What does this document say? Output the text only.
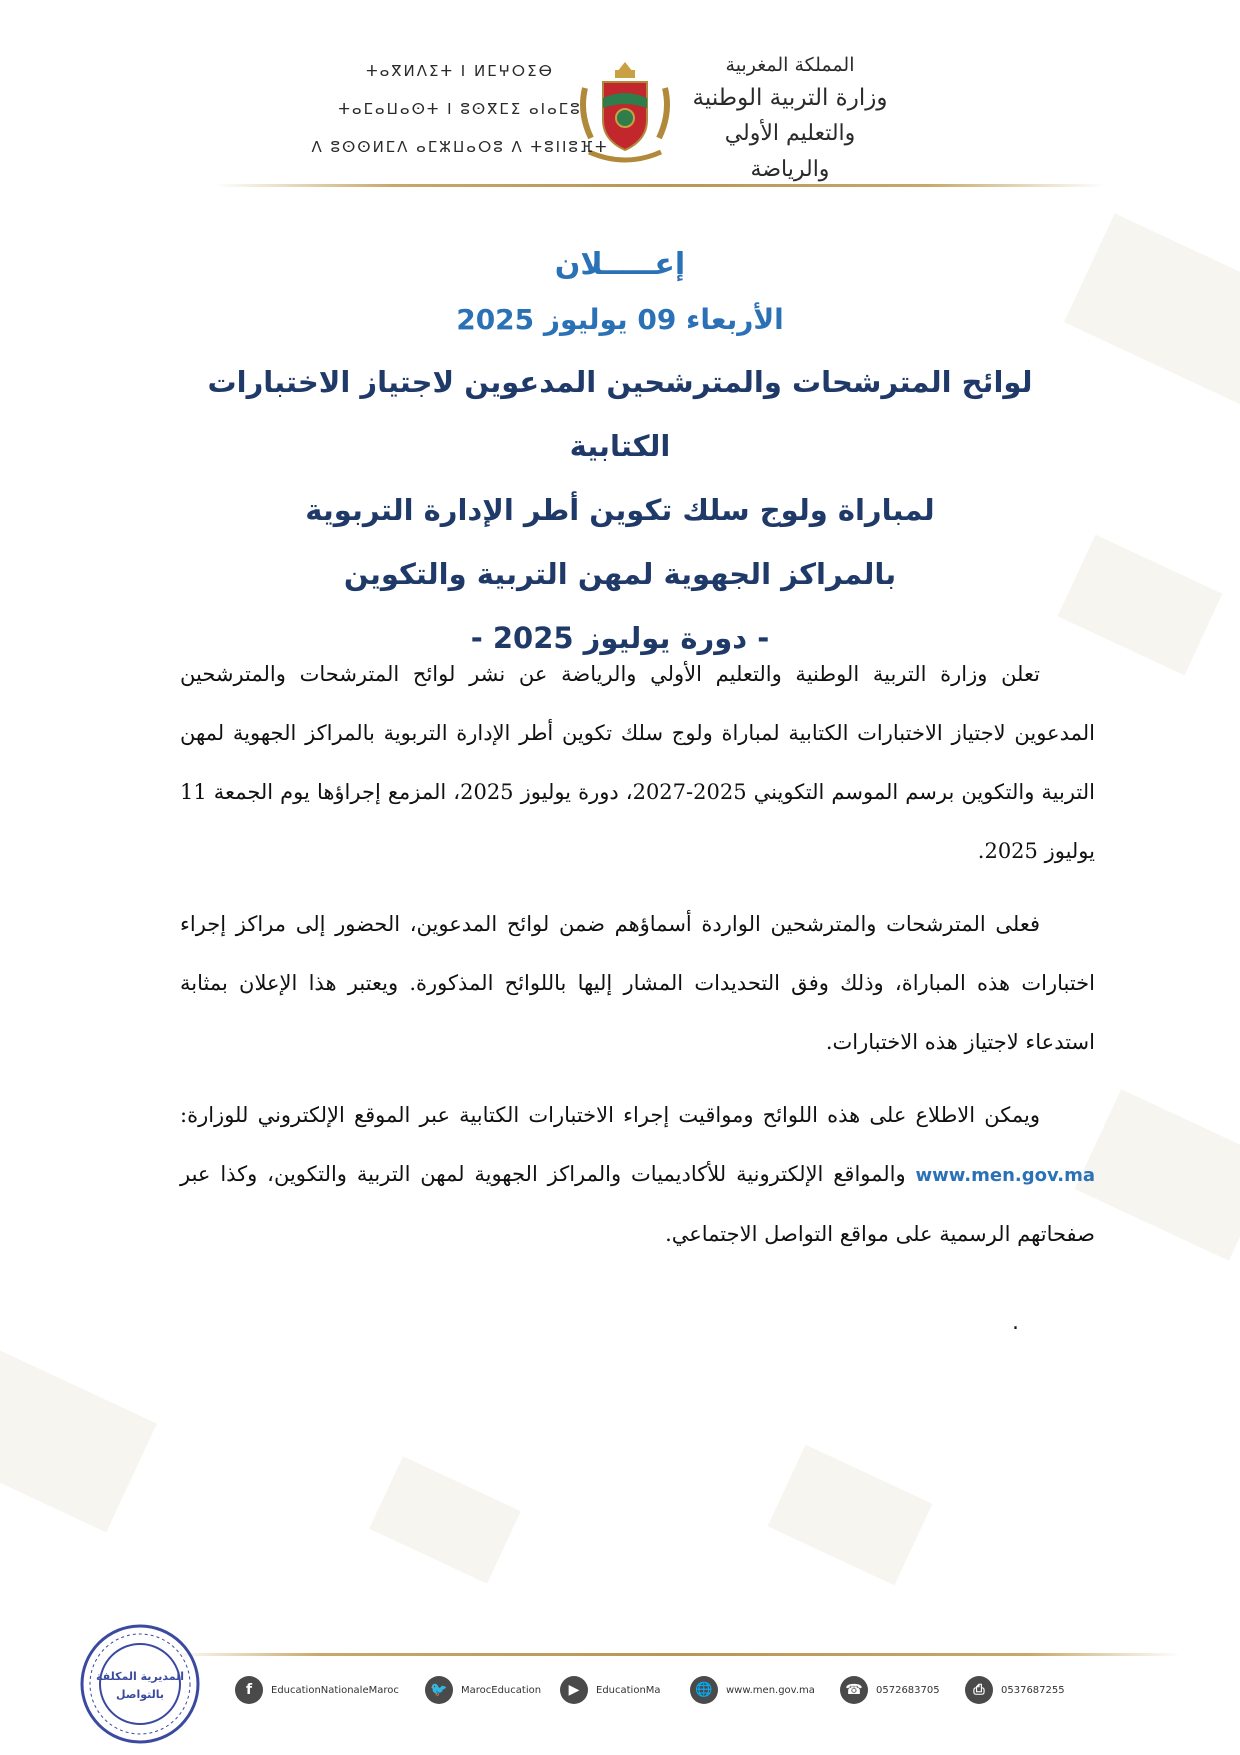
المملكة المغربية
وزارة التربية الوطنية
والتعليم الأولي والرياضة
ⵜⴰⴳⵍⴷⵉⵜ ⵏ ⵍⵎⵖⵔⵉⴱ
ⵜⴰⵎⴰⵡⴰⵙⵜ ⵏ ⵓⵙⴳⵎⵉ ⴰⵏⴰⵎⵓ
ⴷ ⵓⵙⵙⵍⵎⴷ ⴰⵎⵣⵡⴰⵔⵓ ⴷ ⵜⵓⵏⵏⵓⴼⵜ
إعـــــلان
الأربعاء 09 يوليوز 2025
لوائح المترشحات والمترشحين المدعوين لاجتياز الاختبارات الكتابية
لمباراة ولوج سلك تكوين أطر الإدارة التربوية
بالمراكز الجهوية لمهن التربية والتكوين
- دورة يوليوز 2025 -

تعلن وزارة التربية الوطنية والتعليم الأولي والرياضة عن نشر لوائح المترشحات والمترشحين المدعوين لاجتياز الاختبارات الكتابية لمباراة ولوج سلك تكوين أطر الإدارة التربوية بالمراكز الجهوية لمهن التربية والتكوين برسم الموسم التكويني 2025-2027، دورة يوليوز 2025، المزمع إجراؤها يوم الجمعة 11 يوليوز 2025.

فعلى المترشحات والمترشحين الواردة أسماؤهم ضمن لوائح المدعوين، الحضور إلى مراكز إجراء اختبارات هذه المباراة، وذلك وفق التحديدات المشار إليها باللوائح المذكورة. ويعتبر هذا الإعلان بمثابة استدعاء لاجتياز هذه الاختبارات.

ويمكن الاطلاع على هذه اللوائح ومواقيت إجراء الاختبارات الكتابية عبر الموقع الإلكتروني للوزارة: www.men.gov.ma والمواقع الإلكترونية للأكاديميات والمراكز الجهوية لمهن التربية والتكوين، وكذا عبر صفحاتهم الرسمية على مواقع التواصل الاجتماعي.

.
المديرية المكلفة
بالتواصل	f	EducationNationaleMaroc	🐦	MarocEducation	▶	EducationMa	🌐	www.men.gov.ma	☎	0572683705	⎙	0537687255
